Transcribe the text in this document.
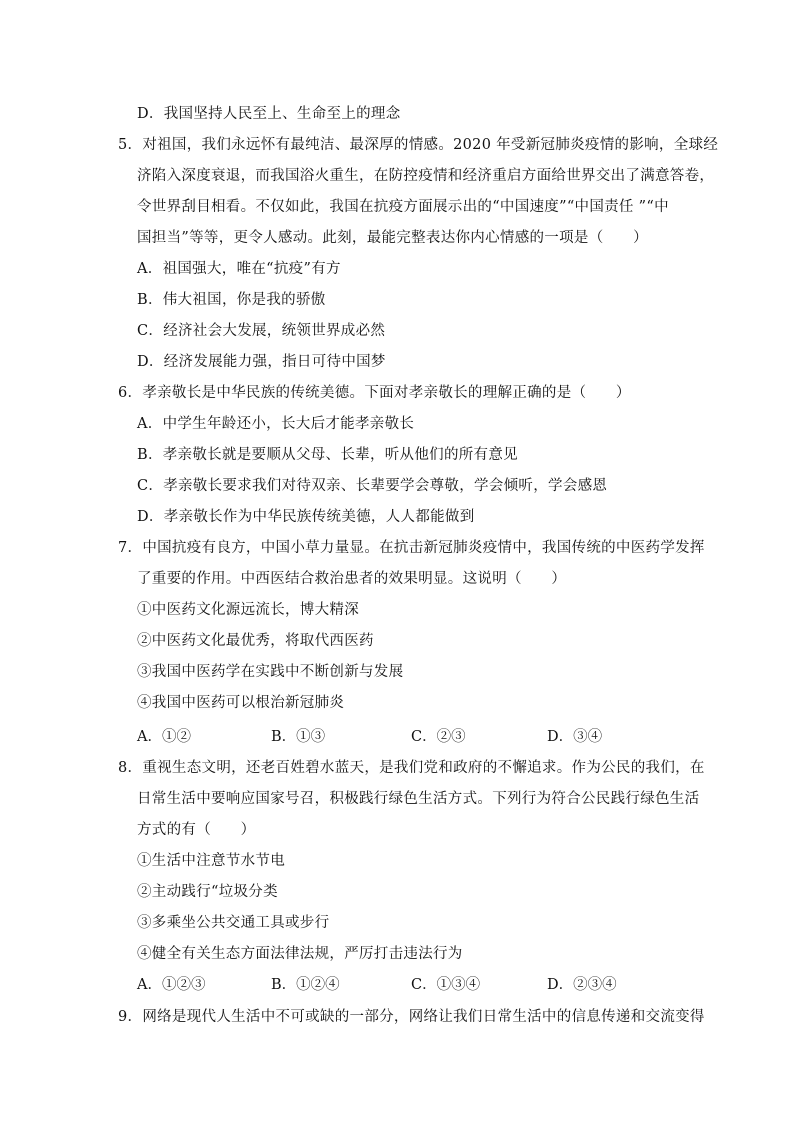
D．我国坚持人民至上、生命至上的理念
5．对祖国，我们永远怀有最纯洁、最深厚的情感。2020 年受新冠肺炎疫情的影响，全球经
济陷入深度衰退，而我国浴火重生，在防控疫情和经济重启方面给世界交出了满意答卷，
令世界刮目相看。不仅如此，我国在抗疫方面展示出的“中国速度”“中国责任 ”“中
国担当”等等，更令人感动。此刻，最能完整表达你内心情感的一项是（　　）
A．祖国强大，唯在“抗疫”有方
B．伟大祖国，你是我的骄傲
C．经济社会大发展，统领世界成必然
D．经济发展能力强，指日可待中国梦
6．孝亲敬长是中华民族的传统美德。下面对孝亲敬长的理解正确的是（　　）
A．中学生年龄还小，长大后才能孝亲敬长
B．孝亲敬长就是要顺从父母、长辈，听从他们的所有意见
C．孝亲敬长要求我们对待双亲、长辈要学会尊敬，学会倾听，学会感恩
D．孝亲敬长作为中华民族传统美德，人人都能做到
7．中国抗疫有良方，中国小草力量显。在抗击新冠肺炎疫情中，我国传统的中医药学发挥
了重要的作用。中西医结合救治患者的效果明显。这说明（　　）
①中医药文化源远流长，博大精深
②中医药文化最优秀，将取代西医药
③我国中医药学在实践中不断创新与发展
④我国中医药可以根治新冠肺炎
A．①②	B．①③	C．②③	D．③④
8．重视生态文明，还老百姓碧水蓝天，是我们党和政府的不懈追求。作为公民的我们，在
日常生活中要响应国家号召，积极践行绿色生活方式。下列行为符合公民践行绿色生活
方式的有（　　）
①生活中注意节水节电
②主动践行“垃圾分类
③多乘坐公共交通工具或步行
④健全有关生态方面法律法规，严厉打击违法行为
A．①②③	B．①②④	C．①③④	D．②③④
9．网络是现代人生活中不可或缺的一部分，网络让我们日常生活中的信息传递和交流变得
